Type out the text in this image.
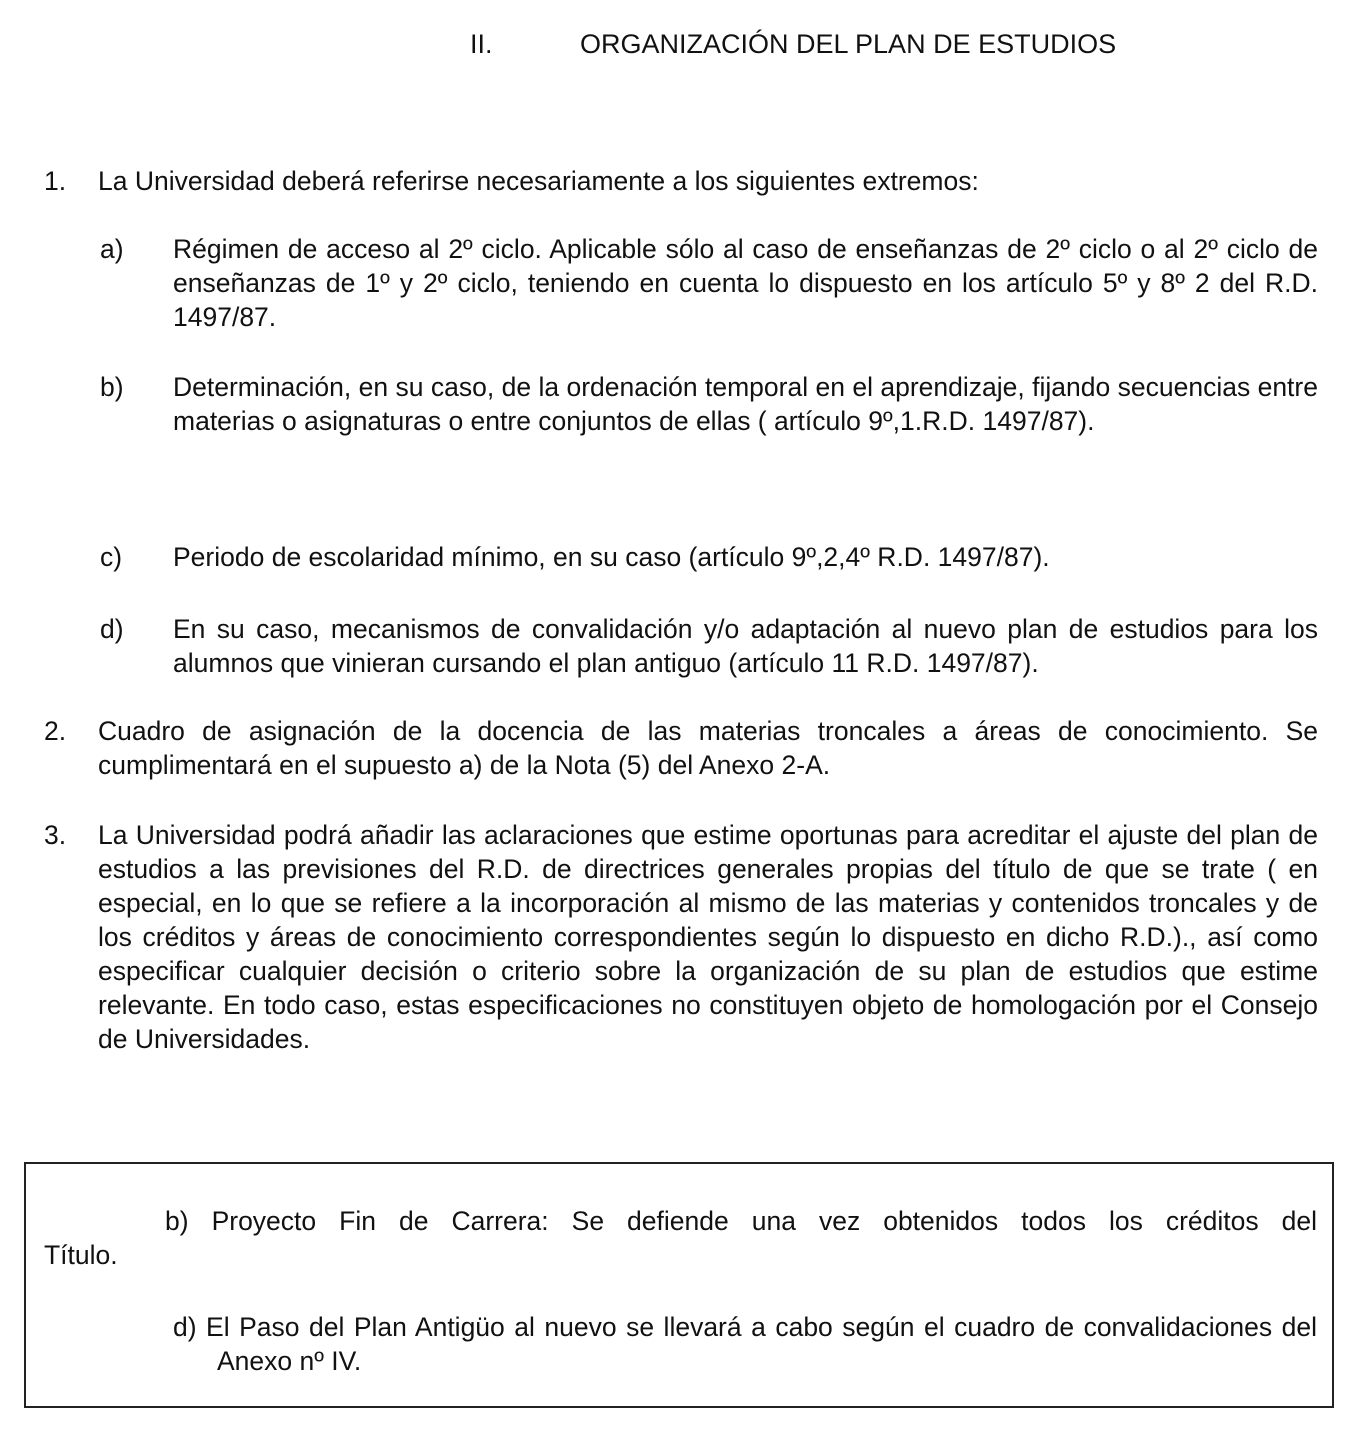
II.	ORGANIZACIÓN DEL PLAN DE ESTUDIOS
1. La Universidad deberá referirse necesariamente a los siguientes extremos:
a) Régimen de acceso al 2º ciclo. Aplicable sólo al caso de enseñanzas de 2º ciclo o al 2º ciclo de enseñanzas de 1º y 2º ciclo, teniendo en cuenta lo dispuesto en los artículo 5º y 8º 2 del R.D. 1497/87.
b) Determinación, en su caso, de la ordenación temporal en el aprendizaje, fijando secuencias entre materias o asignaturas o entre conjuntos de ellas ( artículo 9º,1.R.D. 1497/87).
c) Periodo de escolaridad mínimo, en su caso (artículo 9º,2,4º R.D. 1497/87).
d) En su caso, mecanismos de convalidación y/o adaptación al nuevo plan de estudios para los alumnos que vinieran cursando el plan antiguo (artículo 11 R.D. 1497/87).
2. Cuadro de asignación de la docencia de las materias troncales a áreas de conocimiento. Se cumplimentará en el supuesto a) de la Nota (5) del Anexo 2-A.
3. La Universidad podrá añadir las aclaraciones que estime oportunas para acreditar el ajuste del plan de estudios a las previsiones del R.D. de directrices generales propias del título de que se trate ( en especial, en lo que se refiere a la incorporación al mismo de las materias y contenidos troncales y de los créditos y áreas de conocimiento correspondientes según lo dispuesto en dicho R.D.)., así como especificar cualquier decisión o criterio sobre la organización de su plan de estudios que estime relevante. En todo caso, estas especificaciones no constituyen objeto de homologación por el Consejo de Universidades.
b) Proyecto Fin de Carrera: Se defiende una vez obtenidos todos los créditos del
Título.
d) El Paso del Plan Antigüo al nuevo se llevará a cabo según el cuadro de convalidaciones del Anexo nº IV.
